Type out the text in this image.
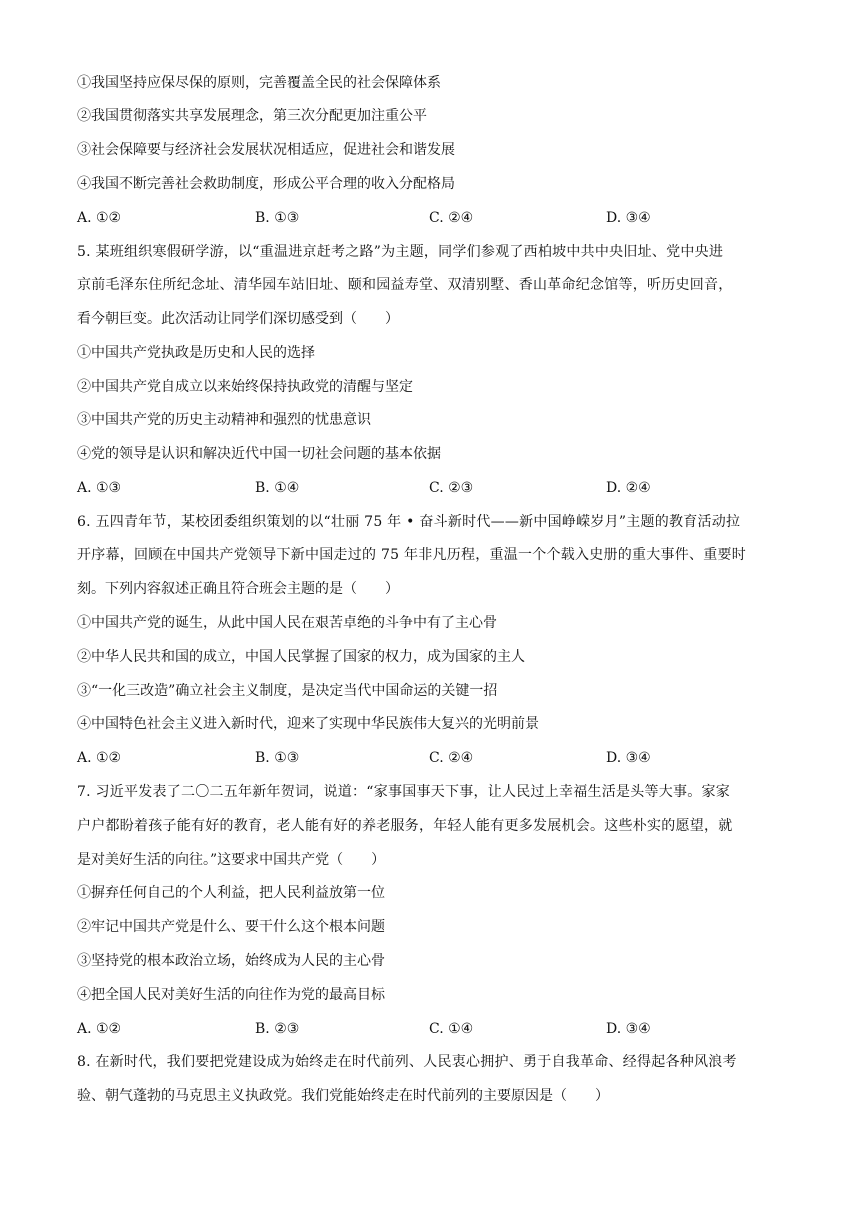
①我国坚持应保尽保的原则，完善覆盖全民的社会保障体系
②我国贯彻落实共享发展理念，第三次分配更加注重公平
③社会保障要与经济社会发展状况相适应，促进社会和谐发展
④我国不断完善社会救助制度，形成公平合理的收入分配格局
A. ①②	B. ①③	C. ②④	D. ③④
5. 某班组织寒假研学游，以“重温进京赶考之路”为主题，同学们参观了西柏坡中共中央旧址、党中央进
京前毛泽东住所纪念址、清华园车站旧址、颐和园益寿堂、双清别墅、香山革命纪念馆等，听历史回音，
看今朝巨变。此次活动让同学们深切感受到（　　）
①中国共产党执政是历史和人民的选择
②中国共产党自成立以来始终保持执政党的清醒与坚定
③中国共产党的历史主动精神和强烈的忧患意识
④党的领导是认识和解决近代中国一切社会问题的基本依据
A. ①③	B. ①④	C. ②③	D. ②④
6. 五四青年节，某校团委组织策划的以“壮丽 75 年 • 奋斗新时代——新中国峥嵘岁月”主题的教育活动拉
开序幕，回顾在中国共产党领导下新中国走过的 75 年非凡历程，重温一个个载入史册的重大事件、重要时
刻。下列内容叙述正确且符合班会主题的是（　　）
①中国共产党的诞生，从此中国人民在艰苦卓绝的斗争中有了主心骨
②中华人民共和国的成立，中国人民掌握了国家的权力，成为国家的主人
③“一化三改造”确立社会主义制度，是决定当代中国命运的关键一招
④中国特色社会主义进入新时代，迎来了实现中华民族伟大复兴的光明前景
A. ①②	B. ①③	C. ②④	D. ③④
7. 习近平发表了二〇二五年新年贺词，说道：“家事国事天下事，让人民过上幸福生活是头等大事。家家
户户都盼着孩子能有好的教育，老人能有好的养老服务，年轻人能有更多发展机会。这些朴实的愿望，就
是对美好生活的向往。”这要求中国共产党（　　）
①摒弃任何自己的个人利益，把人民利益放第一位
②牢记中国共产党是什么、要干什么这个根本问题
③坚持党的根本政治立场，始终成为人民的主心骨
④把全国人民对美好生活的向往作为党的最高目标
A. ①②	B. ②③	C. ①④	D. ③④
8. 在新时代，我们要把党建设成为始终走在时代前列、人民衷心拥护、勇于自我革命、经得起各种风浪考
验、朝气蓬勃的马克思主义执政党。我们党能始终走在时代前列的主要原因是（　　）
